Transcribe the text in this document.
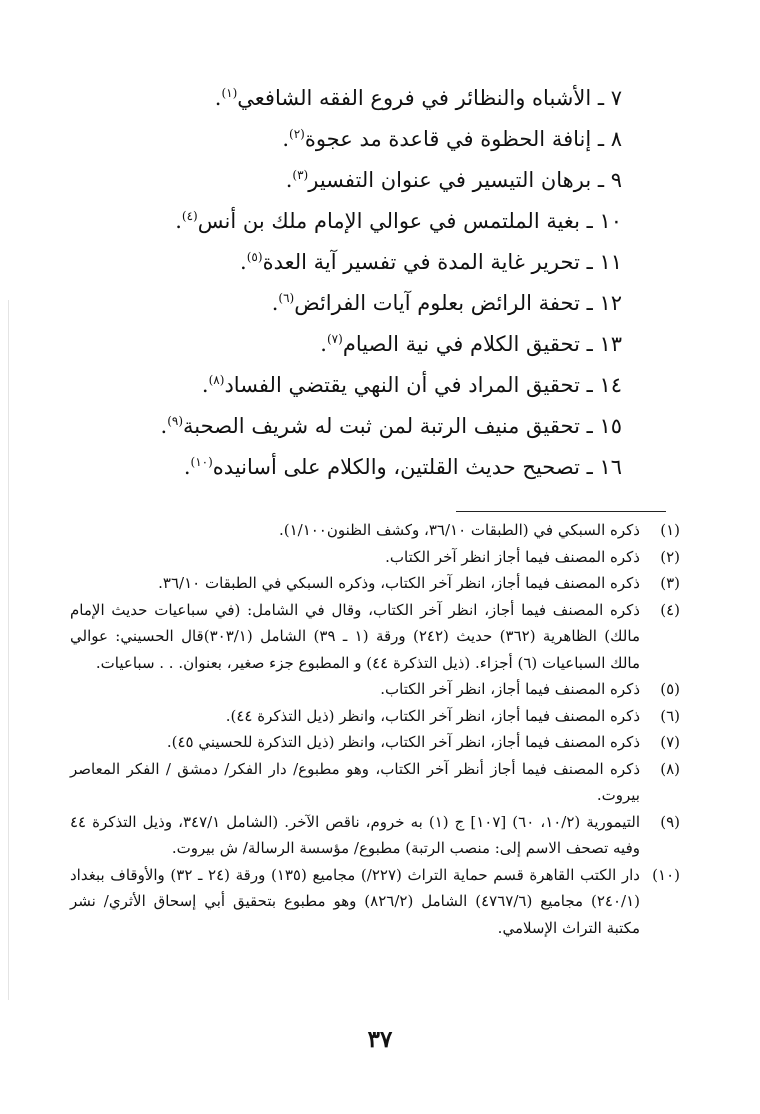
٧ ـ الأشباه والنظائر في فروع الفقه الشافعي$^{(١)}$.
٨ ـ إنافة الحظوة في قاعدة مد عجوة$^{(٢)}$.
٩ ـ برهان التيسير في عنوان التفسير$^{(٣)}$.
١٠ ـ بغية الملتمس في عوالي الإمام ملك بن أنس$^{(٤)}$.
١١ ـ تحرير غاية المدة في تفسير آية العدة$^{(٥)}$.
١٢ ـ تحفة الرائض بعلوم آيات الفرائض$^{(٦)}$.
١٣ ـ تحقيق الكلام في نية الصيام$^{(٧)}$.
١٤ ـ تحقيق المراد في أن النهي يقتضي الفساد$^{(٨)}$.
١٥ ـ تحقيق منيف الرتبة لمن ثبت له شريف الصحبة$^{(٩)}$.
١٦ ـ تصحيح حديث القلتين، والكلام على أسانيده$^{(١٠)}$.
(١)
ذكره السبكي في (الطبقات ٣٦/١٠، وكشف الظنون١/١٠٠).
(٢)
ذكره المصنف فيما أجاز انظر آخر الكتاب.
(٣)
ذكره المصنف فيما أجاز، انظر آخر الكتاب، وذكره السبكي في الطبقات ٣٦/١٠.
(٤)
ذكره المصنف فيما أجاز، انظر آخر الكتاب، وقال في الشامل: (في سباعيات حديث الإمام مالك) الظاهرية (٣٦٢) حديث (٢٤٢) ورقة (١ ـ ٣٩) الشامل (٣٠٣/١)قال الحسيني: عوالي مالك السباعيات (٦) أجزاء. (ذيل التذكرة ٤٤) و المطبوع جزء صغير، بعنوان. . . سباعيات.
(٥)
ذكره المصنف فيما أجاز، انظر آخر الكتاب.
(٦)
ذكره المصنف فيما أجاز، انظر آخر الكتاب، وانظر (ذيل التذكرة ٤٤).
(٧)
ذكره المصنف فيما أجاز، انظر آخر الكتاب، وانظر (ذيل التذكرة للحسيني ٤٥).
(٨)
ذكره المصنف فيما أجاز أنظر آخر الكتاب، وهو مطبوع/ دار الفكر/ دمشق / الفكر المعاصر بيروت.
(٩)
التيمورية (١٠/٢، ٦٠) [١٠٧] ج (١) به خروم، ناقص الآخر. (الشامل ٣٤٧/١، وذيل التذكرة ٤٤ وفيه تصحف الاسم إلى: منصب الرتبة) مطبوع/ مؤسسة الرسالة/ ش بيروت.
(١٠)
دار الكتب القاهرة قسم حماية التراث (٢٢٧/) مجاميع (١٣٥) ورقة (٢٤ ـ ٣٢) والأوقاف ببغداد (٢٤٠/١) مجاميع (٤٧٦٧/٦) الشامل (٨٢٦/٢) وهو مطبوع بتحقيق أبي إسحاق الأثري/ نشر مكتبة التراث الإسلامي.
٣٧
